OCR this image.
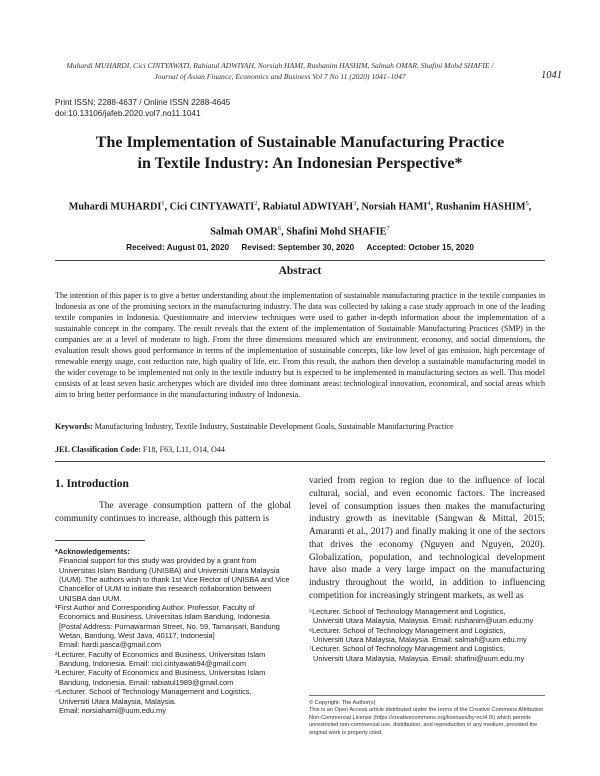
Muhardi MUHARDI, Cici CINTYAWATI, Rabiatul ADWIYAH, Norsiah HAMI, Rushanim HASHIM, Salmah OMAR, Shafini Mohd SHAFIE /
Journal of Asian Finance, Economics and Business Vol 7 No 11 (2020) 1041–1047	1041
Print ISSN: 2288-4637 / Online ISSN 2288-4645
doi:10.13106/jafeb.2020.vol7.no11.1041
The Implementation of Sustainable Manufacturing Practice
in Textile Industry: An Indonesian Perspective*
Muhardi MUHARDI$^1$, Cici CINTYAWATI$^2$, Rabiatul ADWIYAH$^3$, Norsiah HAMI$^4$, Rushanim HASHIM$^5$,
Salmah OMAR$^6$, Shafini Mohd SHAFIE$^7$
Received: August 01, 2020 Revised: September 30, 2020 Accepted: October 15, 2020
Abstract
The intention of this paper is to give a better understanding about the implementation of sustainable manufacturing practice in the textile companies in Indonesia as one of the promising sectors in the manufacturing industry. The data was collected by taking a case study approach in one of the leading textile companies in Indonesia. Questionnaire and interview techniques were used to gather in-depth information about the implementation of a sustainable concept in the company. The result reveals that the extent of the implementation of Sustainable Manufacturing Practices (SMP) in the companies are at a level of moderate to high. From the three dimensions measured which are environment, economy, and social dimensions, the evaluation result shows good performance in terms of the implementation of sustainable concepts, like low level of gas emission, high percentage of renewable energy usage, cost reduction rate, high quality of life, etc. From this result, the authors then develop a sustainable manufacturing model in the wider coverage to be implemented not only in the textile industry but is expected to be implemented in manufacturing sectors as well. This model consists of at least seven basic archetypes which are divided into three dominant areas: technological innovation, economical, and social areas which aim to bring better performance in the manufacturing industry of Indonesia.
Keywords: Manufacturing Industry, Textile Industry, Sustainable Development Goals, Sustainable Manufacturing Practice
JEL Classification Code: F18, F63, L11, O14, O44
1. Introduction
The average consumption pattern of the global community continues to increase, although this pattern is

*Acknowledgements:

Financial support for this study was provided by a grant from Universitas Islam Bandung (UNISBA) and Universiti Utara Malaysia (UUM). The authors wish to thank 1st Vice Rector of UNISBA and Vice Chancellor of UUM to initiate this research collaboration between UNISBA dan UUM.

¹First Author and Corresponding Author. Professor. Faculty of

Economics and Business, Universitas Islam Bandung, Indonesia [Postal Address: Purnawarman Street, No. 59, Tamansari, Bandung Wetan, Bandung, West Java, 40117, Indonesia]

Email: hardi.pasca@gmail.com

²Lecturer, Faculty of Economics and Business, Universitas Islam

Bandung, Indonesia. Email: cici.cintyawati94@gmail.com

³Lecturer, Faculty of Economics and Business, Universitas Islam

Bandung, Indonesia. Email: rabiatul1989@gmail.com

⁴Lecturer. School of Technology Management and Logistics,

Universiti Utara Malaysia, Malaysia.

Email: norsiahami@uum.edu.my

varied from region to region due to the influence of local cultural, social, and even economic factors. The increased level of consumption issues then makes the manufacturing industry growth as inevitable (Sangwan & Mittal, 2015; Amaranti et al., 2017) and finally making it one of the sectors that drives the economy (Nguyen and Nguyen, 2020). Globalization, population, and technological development have also made a very large impact on the manufacturing industry throughout the world, in addition to influencing competition for increasingly stringent markets, as well as

⁵Lecturer. School of Technology Management and Logistics,

Universiti Utara Malaysia, Malaysia. Email: rushanim@uum.edu.my

⁶Lecturer. School of Technology Management and Logistics,

Universiti Utara Malaysia, Malaysia. Email: salmah@uum.edu.my

⁷Lecturer. School of Technology Management and Logistics,

Universiti Utara Malaysia, Malaysia. Email: shafini@uum.edu.my

© Copyright: The Author(s)
This is an Open Access article distributed under the terms of the Creative Commons Attribution Non-Commercial License (https://creativecommons.org/licenses/by-nc/4.0/) which permits unrestricted non-commercial use, distribution, and reproduction in any medium, provided the original work is properly cited.
